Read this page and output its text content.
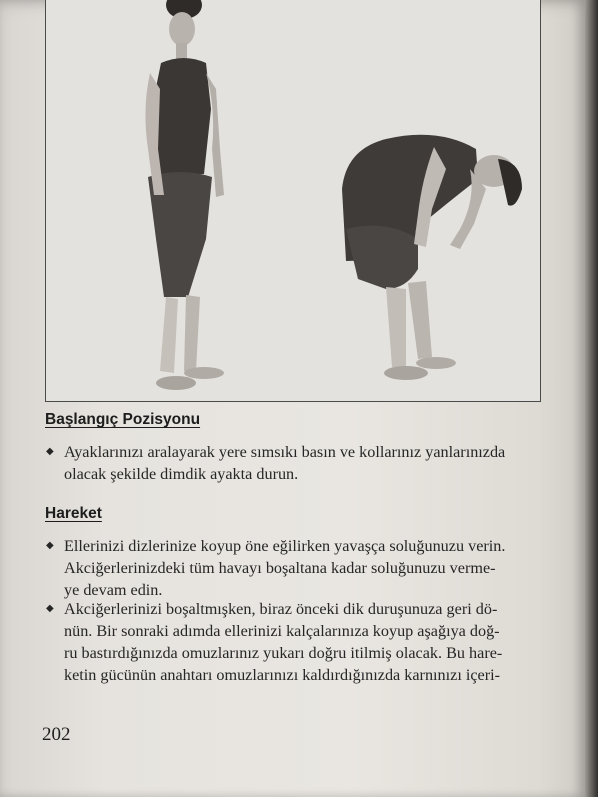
Başlangıç Pozisyonu
◆ Ayaklarınızı aralayarak yere sımsıkı basın ve kollarınız yanlarınızda
olacak şekilde dimdik ayakta durun.
Hareket
◆ Ellerinizi dizlerinize koyup öne eğilirken yavaşça soluğunuzu verin.
Akciğerlerinizdeki tüm havayı boşaltana kadar soluğunuzu verme-
ye devam edin.
◆ Akciğerlerinizi boşaltmışken, biraz önceki dik duruşunuza geri dö-
nün. Bir sonraki adımda ellerinizi kalçalarınıza koyup aşağıya doğ-
ru bastırdığınızda omuzlarınız yukarı doğru itilmiş olacak. Bu hare-
ketin gücünün anahtarı omuzlarınızı kaldırdığınızda karnınızı içeri-
202
